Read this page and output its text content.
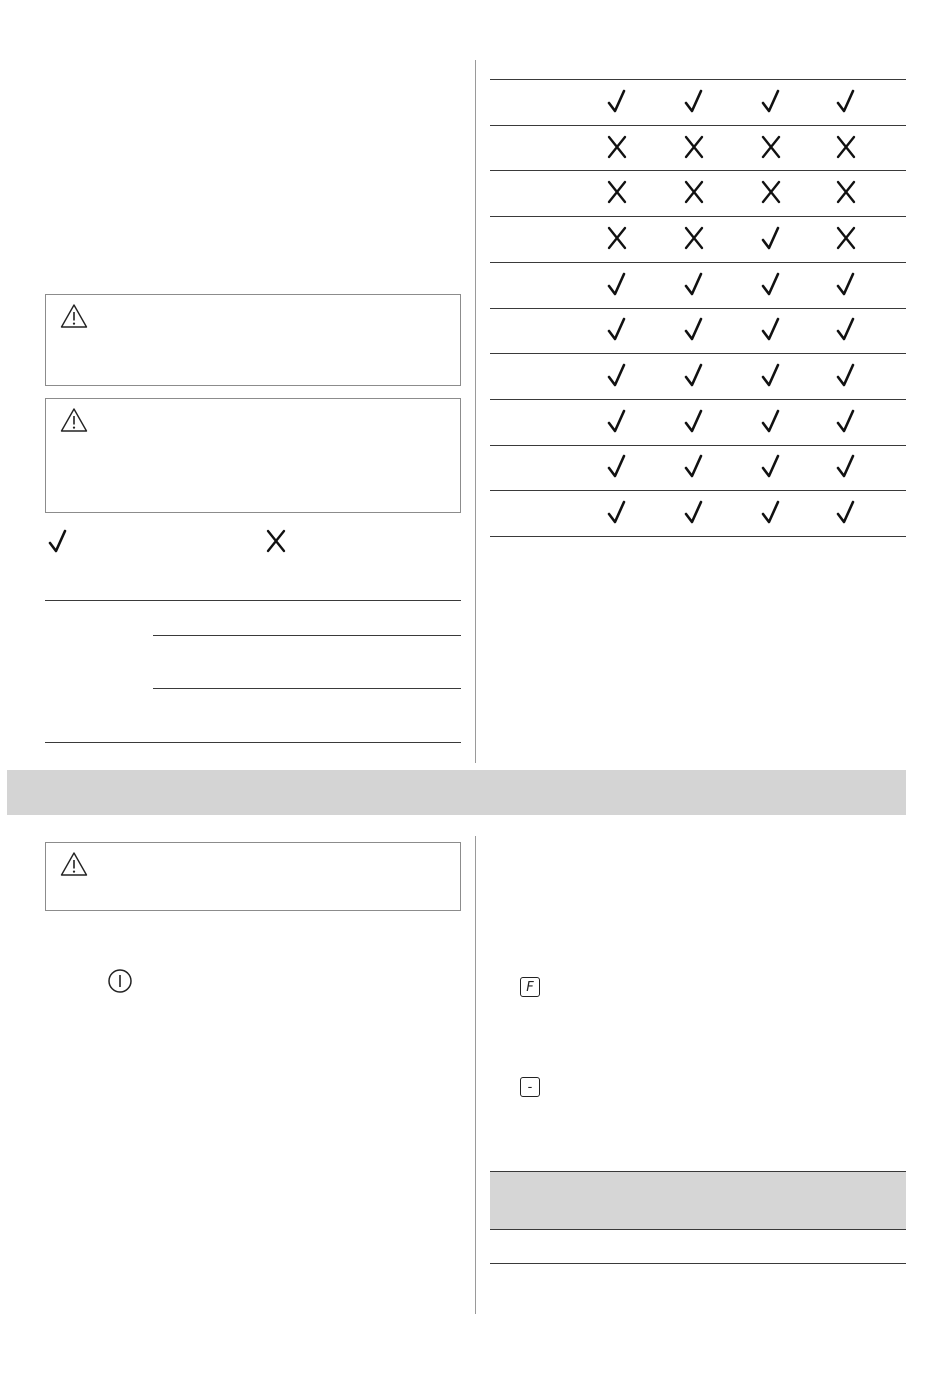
F
-
